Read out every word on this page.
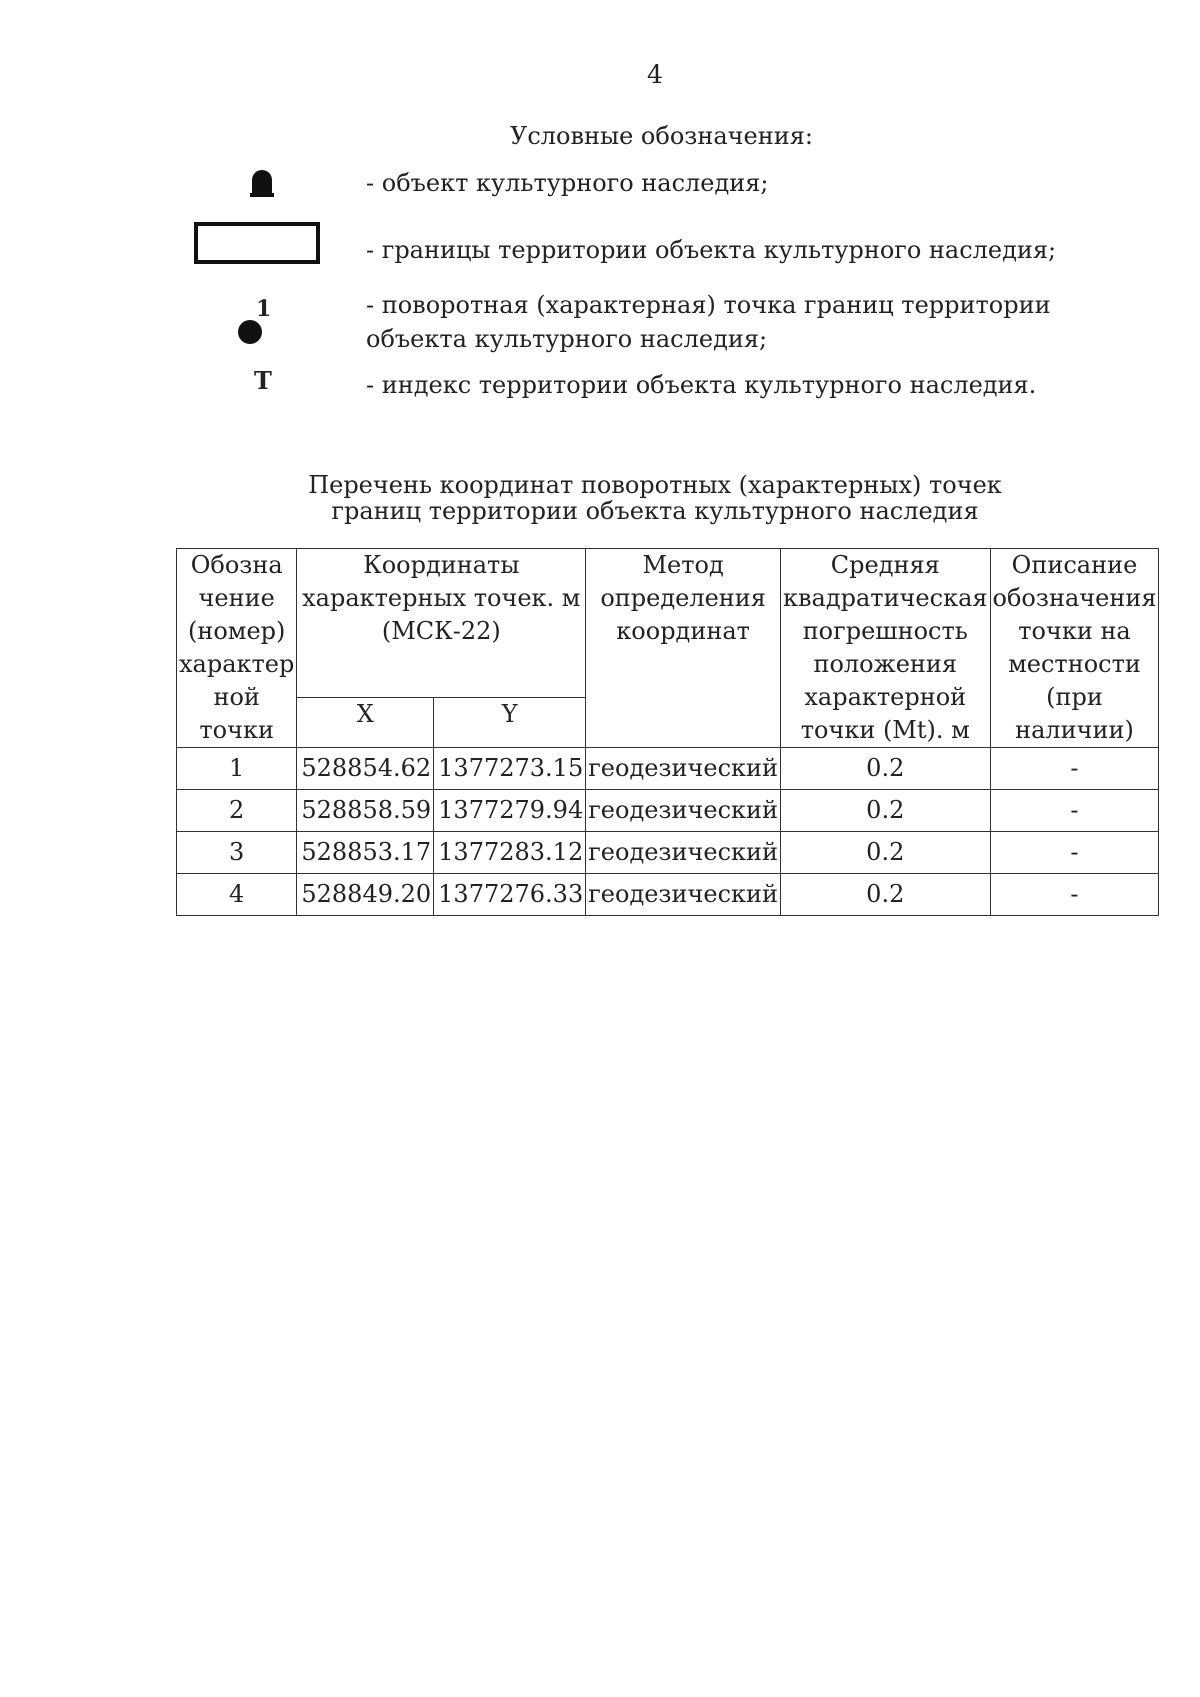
4
Условные обозначения:
1
Т
- объект культурного наследия;
- границы территории объекта культурного наследия;
- поворотная (характерная) точка границ территории объекта культурного наследия;
- индекс территории объекта культурного наследия.
Перечень координат поворотных (характерных) точек
границ территории объекта культурного наследия
Обозна чение (номер) характер ной точки	Координаты характерных точек. м (МСК-22)		Метод определения координат	Средняя квадратическая погрешность положения характерной точки (Mt). м	Описание обозначения точки на местности (при наличии)
	X	Y			
1	528854.62	1377273.15	геодезический	0.2	-
2	528858.59	1377279.94	геодезический	0.2	-
3	528853.17	1377283.12	геодезический	0.2	-
4	528849.20	1377276.33	геодезический	0.2	-
